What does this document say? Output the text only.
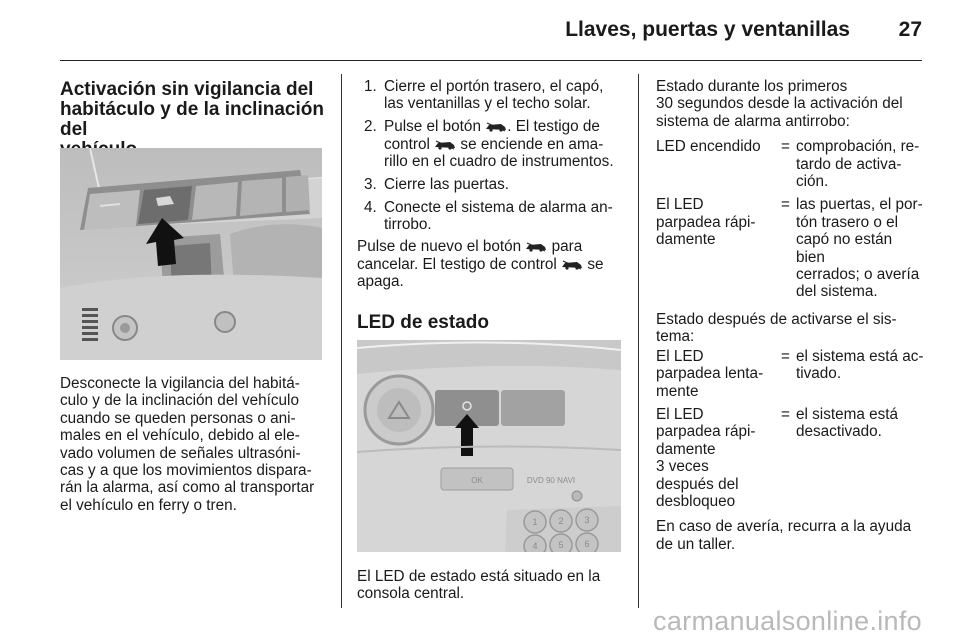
Llaves, puertas y ventanillas 27
Activación sin vigilancia del
habitáculo y de la inclinación del
Desconecte la vigilancia del habitá-
culo y de la inclinación del vehículo
cuando se queden personas o ani-
males en el vehículo, debido al ele-
vado volumen de señales ultrasóni-
cas y a que los movimientos dispara-
rán la alarma, así como al transportar
el vehículo en ferry o tren.
1. Cierre el portón trasero, el capó,
las ventanillas y el techo solar.
2. Pulse el botón . El testigo de
control  se enciende en ama-
rillo en el cuadro de instrumentos.
3. Cierre las puertas.
4. Conecte el sistema de alarma an-
tirrobo.
Pulse de nuevo el botón  para
cancelar. El testigo de control  se
apaga.
LED de estado
OK	DVD 90 NAVI
1 2 3
4 5 6
El LED de estado está situado en la
consola central.
Estado durante los primeros
30 segundos desde la activación del
sistema de alarma antirrobo:
LED encendido	= comprobación, re-
tardo de activa-
ción.
El LED
parpadea rápi-
damente
= las puertas, el por-
tón trasero o el
capó no están bien
cerrados; o avería
del sistema.
Estado después de activarse el sis-
tema:
El LED
parpadea lenta-
mente
= el sistema está ac-
tivado.
El LED
parpadea rápi-
damente
3 veces
después del
desbloqueo
= el sistema está
desactivado.
En caso de avería, recurra a la ayuda
de un taller.
carmanualsonline.info
